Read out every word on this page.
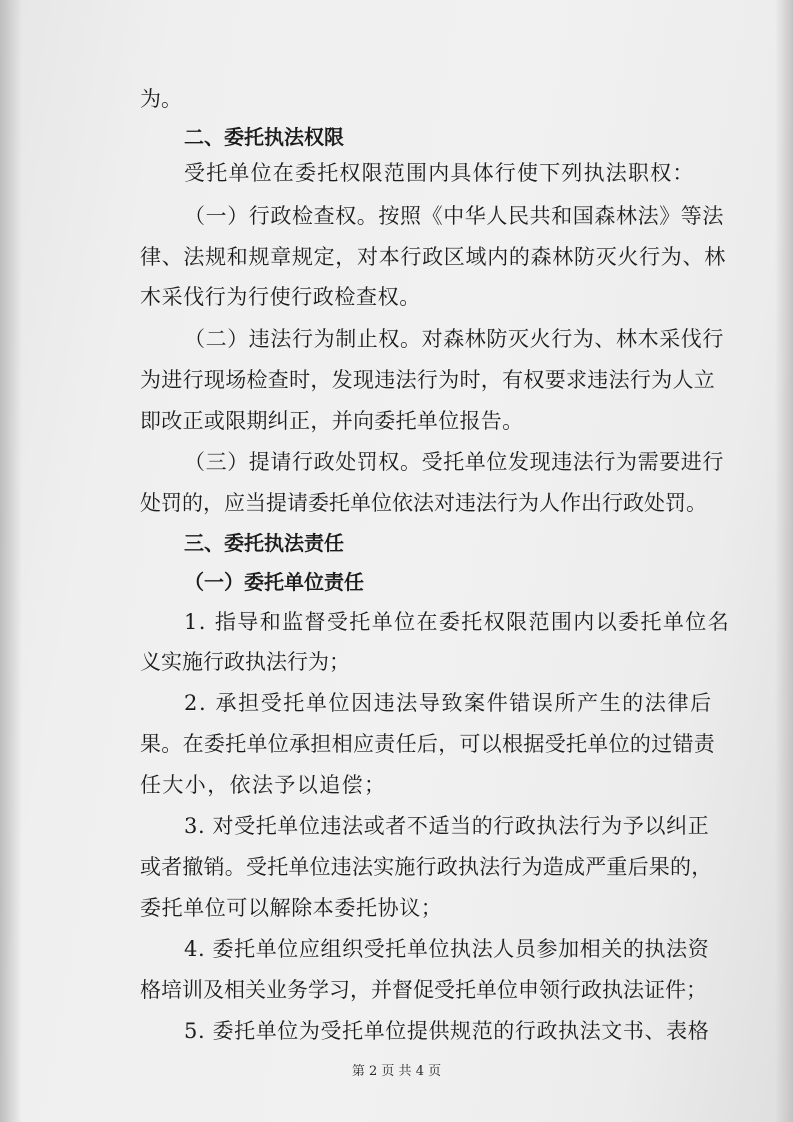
为。

二、委托执法权限

受托单位在委托权限范围内具体行使下列执法职权：

（一）行政检查权。按照《中华人民共和国森林法》等法

律、法规和规章规定，对本行政区域内的森林防灭火行为、林

木采伐行为行使行政检查权。

（二）违法行为制止权。对森林防灭火行为、林木采伐行

为进行现场检查时，发现违法行为时，有权要求违法行为人立

即改正或限期纠正，并向委托单位报告。

（三）提请行政处罚权。受托单位发现违法行为需要进行

处罚的，应当提请委托单位依法对违法行为人作出行政处罚。

三、委托执法责任

（一）委托单位责任

1. 指导和监督受托单位在委托权限范围内以委托单位名

义实施行政执法行为；

2. 承担受托单位因违法导致案件错误所产生的法律后

果。在委托单位承担相应责任后，可以根据受托单位的过错责

任大小，依法予以追偿；

3. 对受托单位违法或者不适当的行政执法行为予以纠正

或者撤销。受托单位违法实施行政执法行为造成严重后果的，

委托单位可以解除本委托协议；

4. 委托单位应组织受托单位执法人员参加相关的执法资

格培训及相关业务学习，并督促受托单位申领行政执法证件；

5. 委托单位为受托单位提供规范的行政执法文书、表格

第 2 页 共 4 页
